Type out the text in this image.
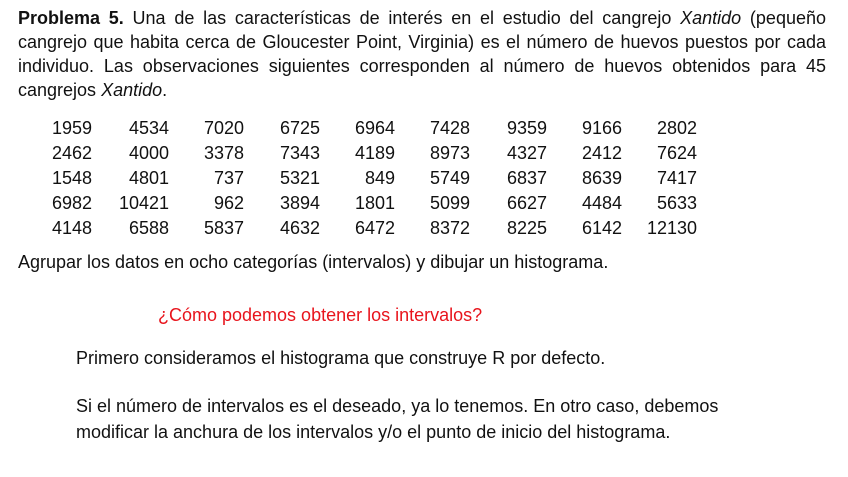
Problema 5. Una de las características de interés en el estudio del cangrejo Xantido (pequeño cangrejo que habita cerca de Gloucester Point, Virginia) es el número de huevos puestos por cada individuo. Las observaciones siguientes corresponden al número de huevos obtenidos para 45 cangrejos Xantido.
1959	4534	7020	6725	6964	7428	9359	9166	2802
2462	4000	3378	7343	4189	8973	4327	2412	7624
1548	4801	737	5321	849	5749	6837	8639	7417
6982	10421	962	3894	1801	5099	6627	4484	5633
4148	6588	5837	4632	6472	8372	8225	6142	12130
Agrupar los datos en ocho categorías (intervalos) y dibujar un histograma.
¿Cómo podemos obtener los intervalos?
Primero consideramos el histograma que construye R por defecto.
Si el número de intervalos es el deseado, ya lo tenemos. En otro caso, debemos modificar la anchura de los intervalos y/o el punto de inicio del histograma.
